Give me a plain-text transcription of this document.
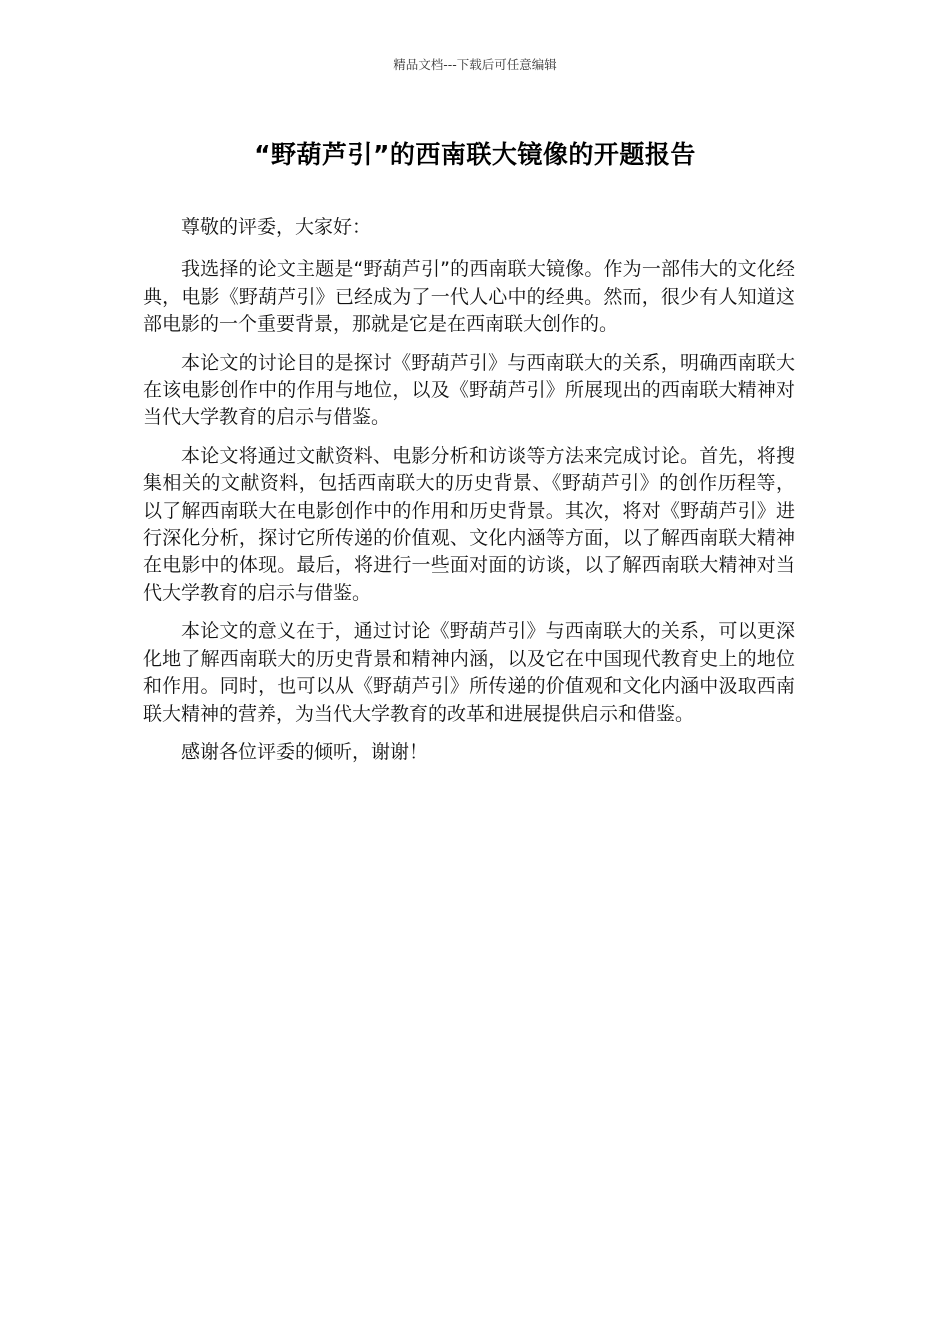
精品文档---下载后可任意编辑
“野葫芦引”的西南联大镜像的开题报告

尊敬的评委，大家好：

我选择的论文主题是“野葫芦引”的西南联大镜像。作为一部伟大的文化经典，电影《野葫芦引》已经成为了一代人心中的经典。然而，很少有人知道这部电影的一个重要背景，那就是它是在西南联大创作的。

本论文的讨论目的是探讨《野葫芦引》与西南联大的关系，明确西南联大在该电影创作中的作用与地位，以及《野葫芦引》所展现出的西南联大精神对当代大学教育的启示与借鉴。

本论文将通过文献资料、电影分析和访谈等方法来完成讨论。首先，将搜集相关的文献资料，包括西南联大的历史背景、《野葫芦引》的创作历程等，以了解西南联大在电影创作中的作用和历史背景。其次，将对《野葫芦引》进行深化分析，探讨它所传递的价值观、文化内涵等方面，以了解西南联大精神在电影中的体现。最后，将进行一些面对面的访谈，以了解西南联大精神对当代大学教育的启示与借鉴。

本论文的意义在于，通过讨论《野葫芦引》与西南联大的关系，可以更深化地了解西南联大的历史背景和精神内涵，以及它在中国现代教育史上的地位和作用。同时，也可以从《野葫芦引》所传递的价值观和文化内涵中汲取西南联大精神的营养，为当代大学教育的改革和进展提供启示和借鉴。

感谢各位评委的倾听，谢谢！
